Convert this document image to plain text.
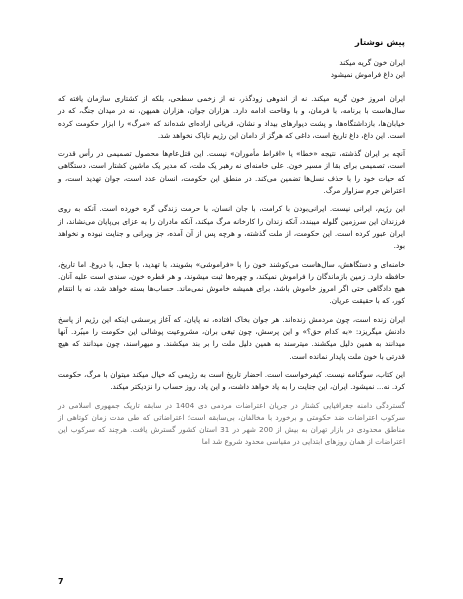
پیش نوشتار

ایران خون گریه میکند

این داغ فراموش نمیشود

ایران امروز خون گریه میکند. نه از اندوهی زودگذر، نه از زخمی سطحی، بلکه از کشتاری سازمان یافته که سال‌هاست با برنامه، با فرمان، و با وقاحت ادامه دارد. هزاران جوان، هزاران همیهن، نه در میدان جنگ، که در خیابان‌ها، بازداشتگاه‌ها، و پشت دیوارهای بیداد و نشان، قربانی اراده‌ای شده‌اند که «مرگ» را ابزار حکومت کرده است. این داغ، داغ تاریخ است، داغی که هرگز از دامان این رژیم ناپاک نخواهد شد.

آنچه بر ایران گذشته، نتیجه «خطا» یا «افراط مأموران» نیست. این قتل‌عام‌ها محصول تصمیمی در رأس قدرت است، تصمیمی برای بقا از مسیر خون. علی خامنه‌ای نه رهبر یک ملت، که مدیر یک ماشین کشتار است، دستگاهی که حیات خود را با حذف نسل‌ها تضمین می‌کند. در منطق این حکومت، انسان عدد است، جوان تهدید است، و اعتراض جرم سزاوار مرگ.

این رژیم، ایرانی نیست. ایرانی‌بودن با کرامت، با جان انسان، با حرمت زندگی گره خورده است. آنکه به روی فرزندان این سرزمین گلوله میبندد، آنکه زندان را کارخانه مرگ میکند، آنکه مادران را به عزای بی‌پایان می‌نشاند، از ایران عبور کرده است. این حکومت، از ملت گذشته، و هرچه پس از آن آمده، جز ویرانی و جنایت نبوده و نخواهد بود.

خامنه‌ای و دستگاهش، سال‌هاست می‌کوشند خون را با «فراموشی» بشویند، با تهدید، با جعل، با دروغ. اما تاریخ، حافظه دارد. زمین بازماندگان را فراموش نمیکند، و چهره‌ها ثبت میشوند، و هر قطره خون، سندی است علیه آنان. هیچ دادگاهی حتی اگر امروز خاموش باشد، برای همیشه خاموش نمی‌ماند. حساب‌ها بسته خواهد شد، نه با انتقام کور، که با حقیقت عریان.

ایران زنده است، چون مردمش زنده‌اند. هر جوان بخاک افتاده، نه پایان، که آغاز پرسشی اینکه این رژیم از پاسخ دادنش میگریزد: «به کدام حق؟» و این پرسش، چون تیغی بران، مشروعیت پوشالی این حکومت را میبُرد. آنها میدانند به همین دلیل میکشند. میترسند به همین دلیل ملت را بر بند میکشند. و میهراسند، چون میدانند که هیچ قدرتی با خون ملت پایدار نمانده است.

این کتاب، سوگنامه نیست. کیفرخواست است. احضار تاریخ است به رژیمی که خیال میکند میتوان با مرگ، حکومت کرد. نه... نمیشود. ایران، این جنایت را به یاد خواهد داشت، و این یاد، روز حساب را نزدیکتر میکند.

گستردگی دامنه جغرافیایی کشتار در جریان اعتراضات مردمی دی 1404 در سابقه تاریک جمهوری اسلامی در سرکوب اعتراضات ضد حکومتی و برخورد با مخالفان، بی‌سابقه است؛ اعتراضاتی که طی مدت زمان کوتاهی از مناطق محدودی در بازار تهران به بیش از 200 شهر در 31 استان کشور گسترش یافت. هرچند که سرکوب این اعتراضات از همان روزهای ابتدایی در مقیاسی محدود شروع شد اما

7
